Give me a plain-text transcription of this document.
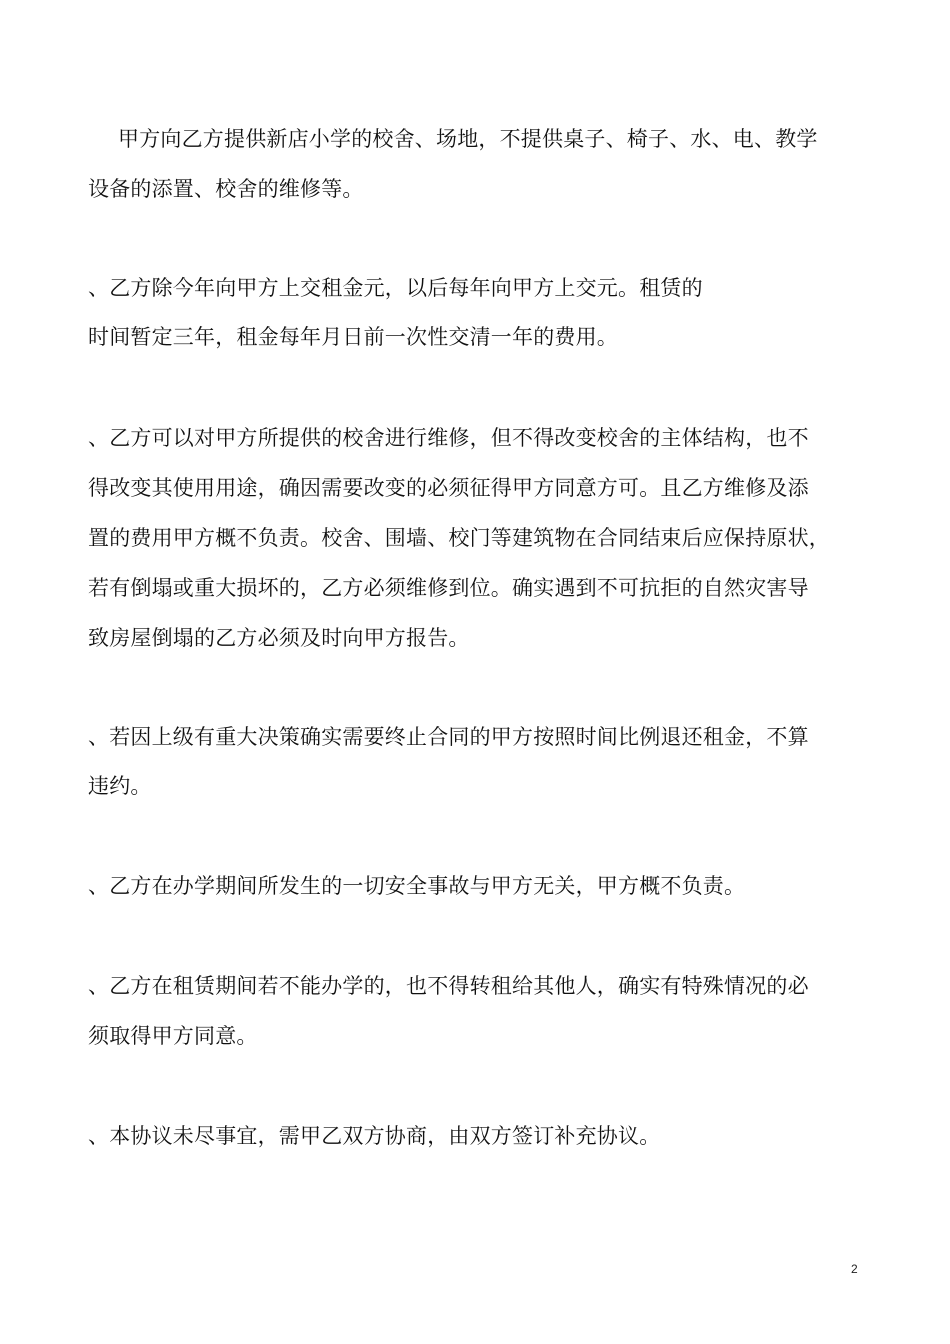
甲方向乙方提供新店小学的校舍、场地，不提供桌子、椅子、水、电、教学
设备的添置、校舍的维修等。
、乙方除今年向甲方上交租金元，以后每年向甲方上交元。租赁的
时间暂定三年，租金每年月日前一次性交清一年的费用。
、乙方可以对甲方所提供的校舍进行维修，但不得改变校舍的主体结构，也不
得改变其使用用途，确因需要改变的必须征得甲方同意方可。且乙方维修及添
置的费用甲方概不负责。校舍、围墙、校门等建筑物在合同结束后应保持原状，
若有倒塌或重大损坏的，乙方必须维修到位。确实遇到不可抗拒的自然灾害导
致房屋倒塌的乙方必须及时向甲方报告。
、若因上级有重大决策确实需要终止合同的甲方按照时间比例退还租金，不算
违约。
、乙方在办学期间所发生的一切安全事故与甲方无关，甲方概不负责。
、乙方在租赁期间若不能办学的，也不得转租给其他人，确实有特殊情况的必
须取得甲方同意。
、本协议未尽事宜，需甲乙双方协商，由双方签订补充协议。
2
